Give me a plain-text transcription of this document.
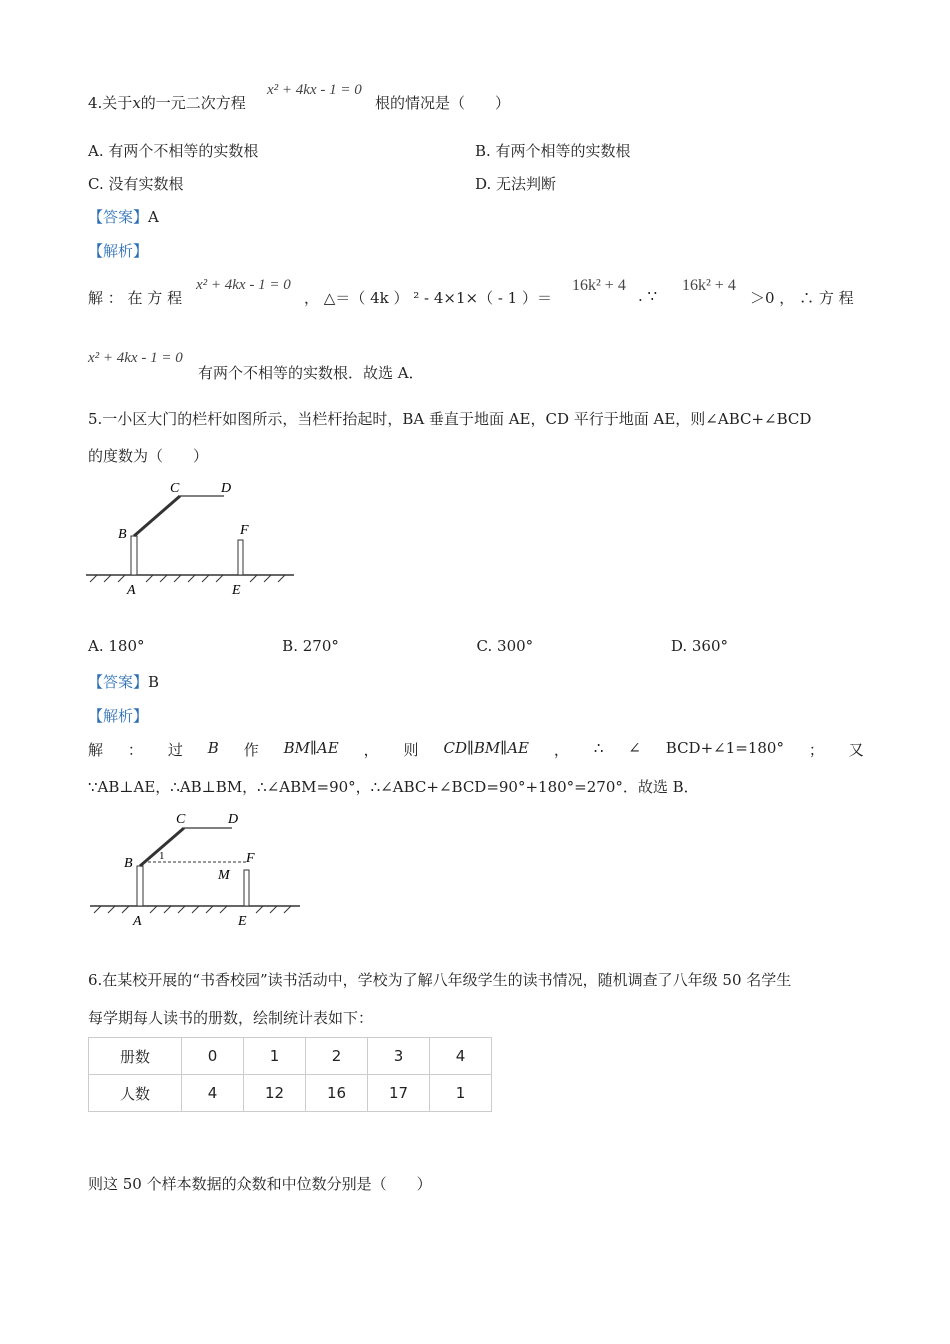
4.关于x的一元二次方程
x² + 4kx - 1 = 0
根的情况是（　　）
A. 有两个不相等的实数根	B. 有两个相等的实数根
C. 没有实数根	D. 无法判断
【答案】A
【解析】
解 ： 在 方 程
x² + 4kx - 1 = 0
， △＝（ 4k ） ² - 4×1×（ - 1 ）＝
16k² + 4
. ∵
16k² + 4
＞0 ， ∴ 方 程
x² + 4kx - 1 = 0
有两个不相等的实数根．故选 A．
5.一小区大门的栏杆如图所示，当栏杆抬起时，BA 垂直于地面 AE，CD 平行于地面 AE，则∠ABC+∠BCD
的度数为（　　）
A
B
C	D
E
F
A. 180°	B. 270°	C. 300°	D. 360°
【答案】B
【解析】
解 ： 过 B 作 BM∥AE ， 则 CD∥BM∥AE ， ∴ ∠ BCD+∠1=180° ； 又
∵AB⊥AE，∴AB⊥BM，∴∠ABM=90°，∴∠ABC+∠BCD=90°+180°=270°．故选 B．
A
B
C	D
E
F
M
1
6.在某校开展的“书香校园”读书活动中，学校为了解八年级学生的读书情况，随机调查了八年级 50 名学生
每学期每人读书的册数，绘制统计表如下：
册数	0	1	2	3	4
人数	4	12	16	17	1
则这 50 个样本数据的众数和中位数分别是（　　）
